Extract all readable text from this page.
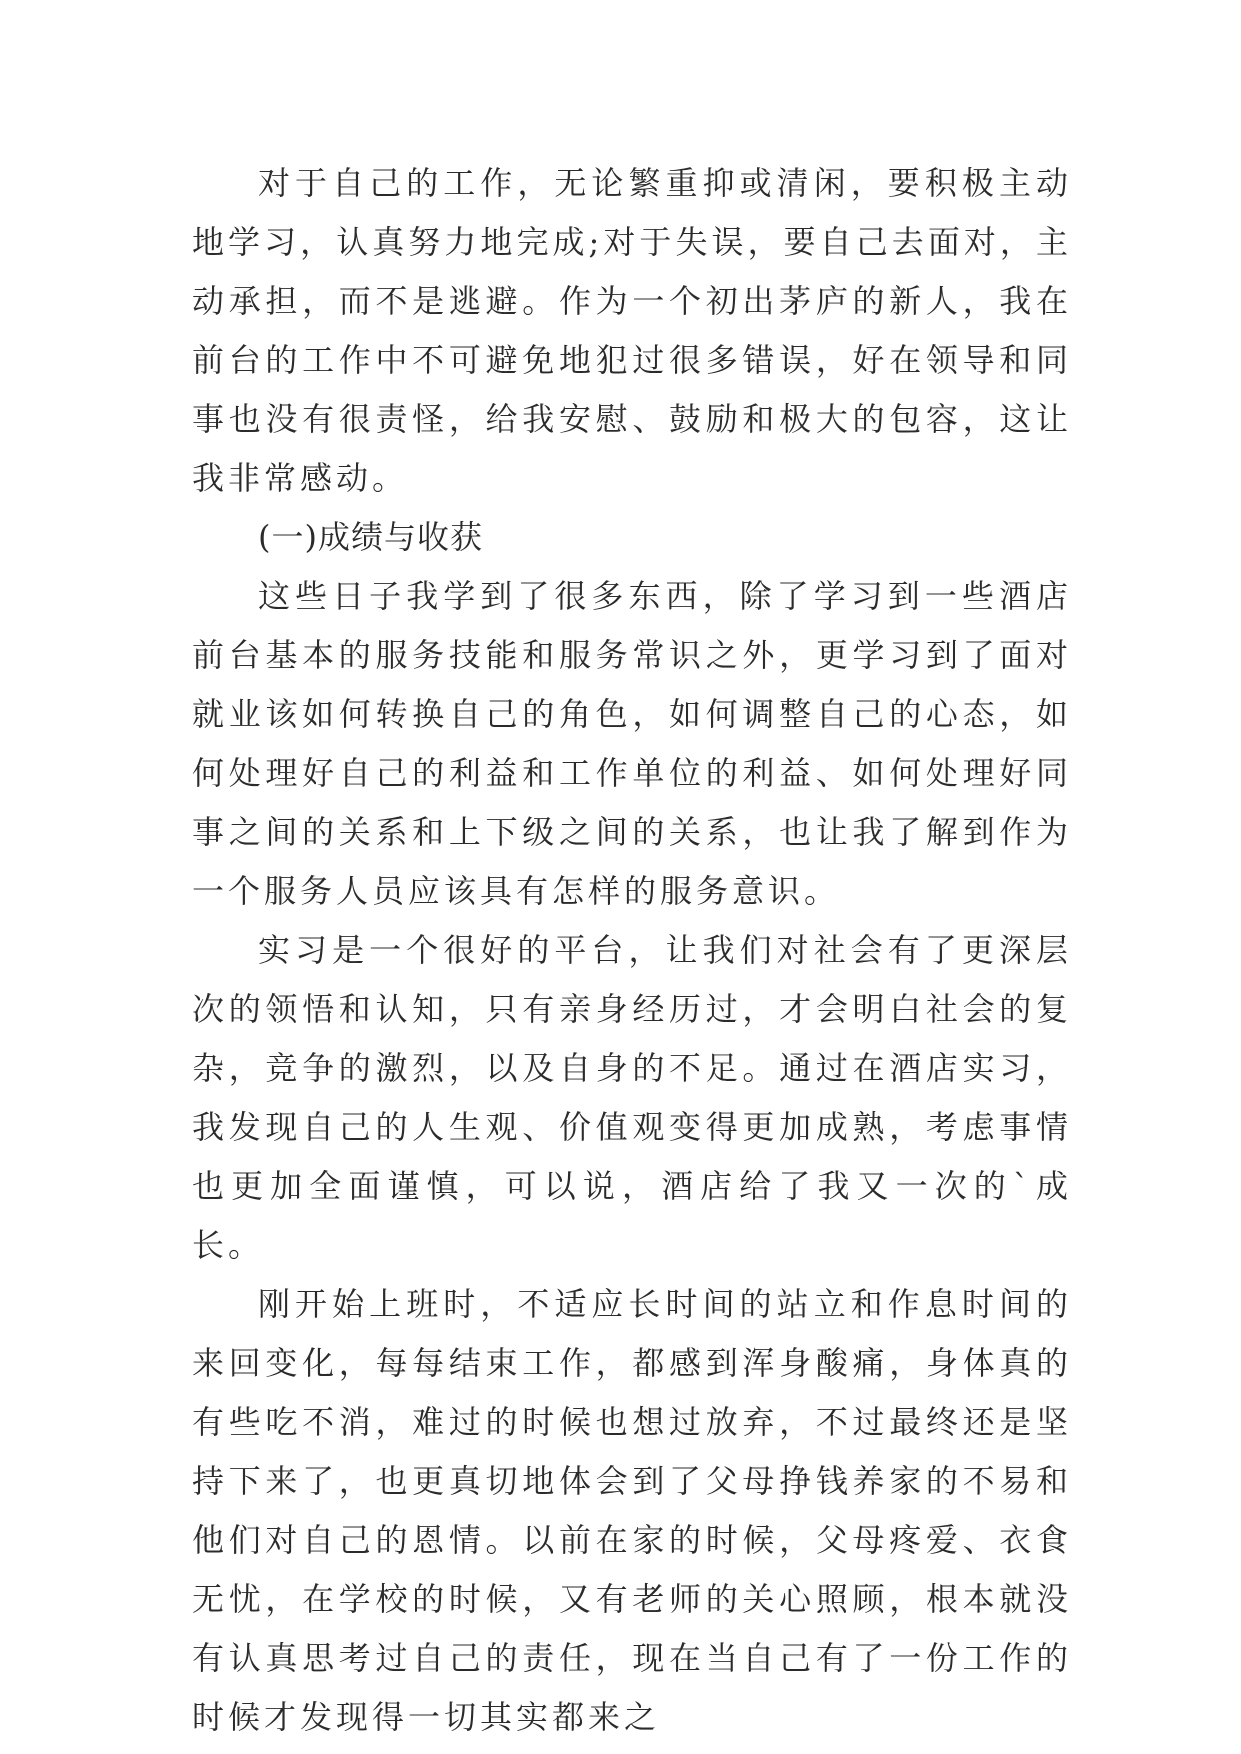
对于自己的工作，无论繁重抑或清闲，要积极主动地学习，认真努力地完成;对于失误，要自己去面对，主动承担，而不是逃避。作为一个初出茅庐的新人，我在前台的工作中不可避免地犯过很多错误，好在领导和同事也没有很责怪，给我安慰、鼓励和极大的包容，这让我非常感动。

(一)成绩与收获

这些日子我学到了很多东西，除了学习到一些酒店前台基本的服务技能和服务常识之外，更学习到了面对就业该如何转换自己的角色，如何调整自己的心态，如何处理好自己的利益和工作单位的利益、如何处理好同事之间的关系和上下级之间的关系，也让我了解到作为一个服务人员应该具有怎样的服务意识。

实习是一个很好的平台，让我们对社会有了更深层次的领悟和认知，只有亲身经历过，才会明白社会的复杂，竞争的激烈，以及自身的不足。通过在酒店实习，我发现自己的人生观、价值观变得更加成熟，考虑事情也更加全面谨慎，可以说，酒店给了我又一次的`成长。

刚开始上班时，不适应长时间的站立和作息时间的来回变化，每每结束工作，都感到浑身酸痛，身体真的有些吃不消，难过的时候也想过放弃，不过最终还是坚持下来了，也更真切地体会到了父母挣钱养家的不易和他们对自己的恩情。以前在家的时候，父母疼爱、衣食无忧，在学校的时候，又有老师的关心照顾，根本就没有认真思考过自己的责任，现在当自己有了一份工作的时候才发现得一切其实都来之
